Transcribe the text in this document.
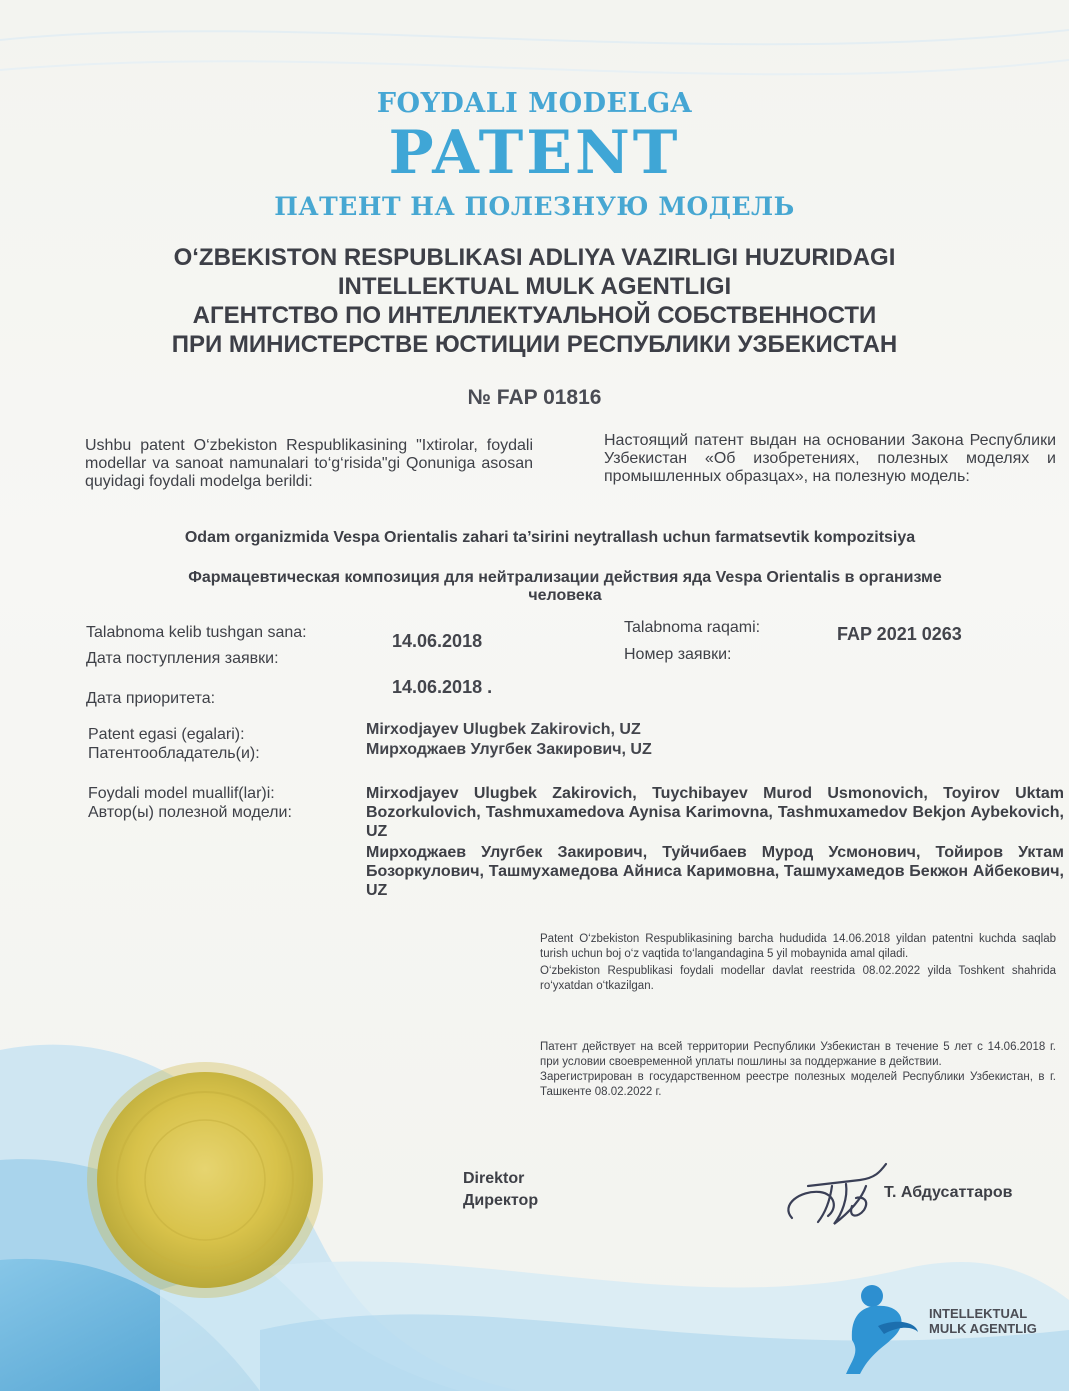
FOYDALI MODELGA
PATENT
ПАТЕНТ НА ПОЛЕЗНУЮ МОДЕЛЬ
O‘ZBEKISTON RESPUBLIKASI ADLIYA VAZIRLIGI HUZURIDAGI
INTELLEKTUAL MULK AGENTLIGI
АГЕНТСТВО ПО ИНТЕЛЛЕКТУАЛЬНОЙ СОБСТВЕННОСТИ
ПРИ МИНИСТЕРСТВЕ ЮСТИЦИИ РЕСПУБЛИКИ УЗБЕКИСТАН
№ FAP 01816
Ushbu patent O‘zbekiston Respublikasining "Ixtirolar, foydali modellar va sanoat namunalari to‘g‘risida"gi Qonuniga asosan quyidagi foydali modelga berildi:
Настоящий патент выдан на основании Закона Республики Узбекистан «Об изобретениях, полезных моделях и промышленных образцах», на полезную модель:
Odam organizmida Vespa Orientalis zahari ta’sirini neytrallash uchun farmatsevtik kompozitsiya
Фармацевтическая композиция для нейтрализации действия яда Vespa Orientalis в организме человека
Talabnoma kelib tushgan sana:
Дата поступления заявки:
14.06.2018
Talabnoma raqami:
Номер заявки:
FAP 2021 0263
Дата приоритета:
14.06.2018 .
Patent egasi (egalari):
Патентообладатель(и):
Mirxodjayev Ulugbek Zakirovich, UZ
Мирходжаев Улугбек Закирович, UZ
Foydali model muallif(lar)i:
Автор(ы) полезной модели:

Mirxodjayev Ulugbek Zakirovich, Tuychibayev Murod Usmonovich, Toyirov Uktam Bozorkulovich, Tashmuxamedova Aynisa Karimovna, Tashmuxamedov Bekjon Aybekovich, UZ

Мирходжаев Улугбек Закирович, Туйчибаев Мурод Усмонович, Тойиров Уктам Бозоркулович, Ташмухамедова Айниса Каримовна, Ташмухамедов Бекжон Айбекович, UZ

Patent O‘zbekiston Respublikasining barcha hududida 14.06.2018 yildan patentni kuchda saqlab turish uchun boj o‘z vaqtida to‘langandagina 5 yil mobaynida amal qiladi.

O‘zbekiston Respublikasi foydali modellar davlat reestrida 08.02.2022 yilda Toshkent shahrida ro‘yxatdan o‘tkazilgan.

Патент действует на всей территории Республики Узбекистан в течение 5 лет с 14.06.2018 г. при условии своевременной уплаты пошлины за поддержание в действии.

Зарегистрирован в государственном реестре полезных моделей Республики Узбекистан, в г. Ташкенте 08.02.2022 г.

Direktor
Директор	Т. Абдусаттаров
INTELLEKTUAL
MULK AGENTLIG
